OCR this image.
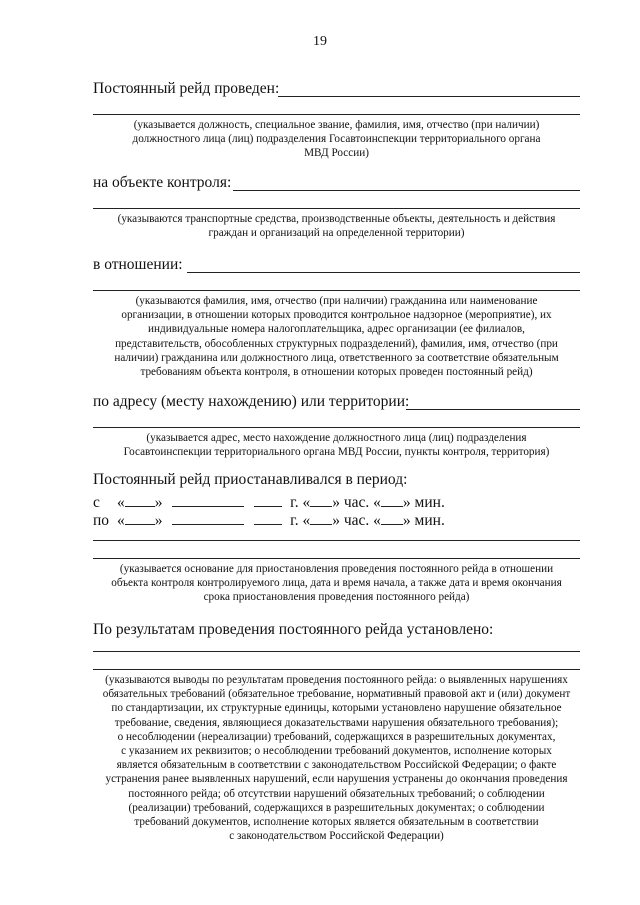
19
Постоянный рейд проведен:
(указывается должность, специальное звание, фамилия, имя, отчество (при наличии)
должностного лица (лиц) подразделения Госавтоинспекции территориального органа
МВД России)
на объекте контроля:
(указываются транспортные средства, производственные объекты, деятельность и действия
граждан и организаций на определенной территории)
в отношении:
(указываются фамилия, имя, отчество (при наличии) гражданина или наименование
организации, в отношении которых проводится контрольное надзорное (мероприятие), их
индивидуальные номера налогоплательщика, адрес организации (ее филиалов,
представительств, обособленных структурных подразделений), фамилия, имя, отчество (при
наличии) гражданина или должностного лица, ответственного за соответствие обязательным
требованиям объекта контроля, в отношении которых проведен постоянный рейд)
по адресу (месту нахождению) или территории:
(указывается адрес, место нахождение должностного лица (лиц) подразделения
Госавтоинспекции территориального органа МВД России, пункты контроля, территория)
Постоянный рейд приостанавливался в период:
с « »	г. « » час. « » мин.
по « »	г. « » час. « » мин.
(указывается основание для приостановления проведения постоянного рейда в отношении
объекта контроля контролируемого лица, дата и время начала, а также дата и время окончания
срока приостановления проведения постоянного рейда)
По результатам проведения постоянного рейда установлено:
(указываются выводы по результатам проведения постоянного рейда: о выявленных нарушениях
обязательных требований (обязательное требование, нормативный правовой акт и (или) документ
по стандартизации, их структурные единицы, которыми установлено нарушение обязательное
требование, сведения, являющиеся доказательствами нарушения обязательного требования);
о несоблюдении (нереализации) требований, содержащихся в разрешительных документах,
с указанием их реквизитов; о несоблюдении требований документов, исполнение которых
является обязательным в соответствии с законодательством Российской Федерации; о факте
устранения ранее выявленных нарушений, если нарушения устранены до окончания проведения
постоянного рейда; об отсутствии нарушений обязательных требований; о соблюдении
(реализации) требований, содержащихся в разрешительных документах; о соблюдении
требований документов, исполнение которых является обязательным в соответствии
с законодательством Российской Федерации)
